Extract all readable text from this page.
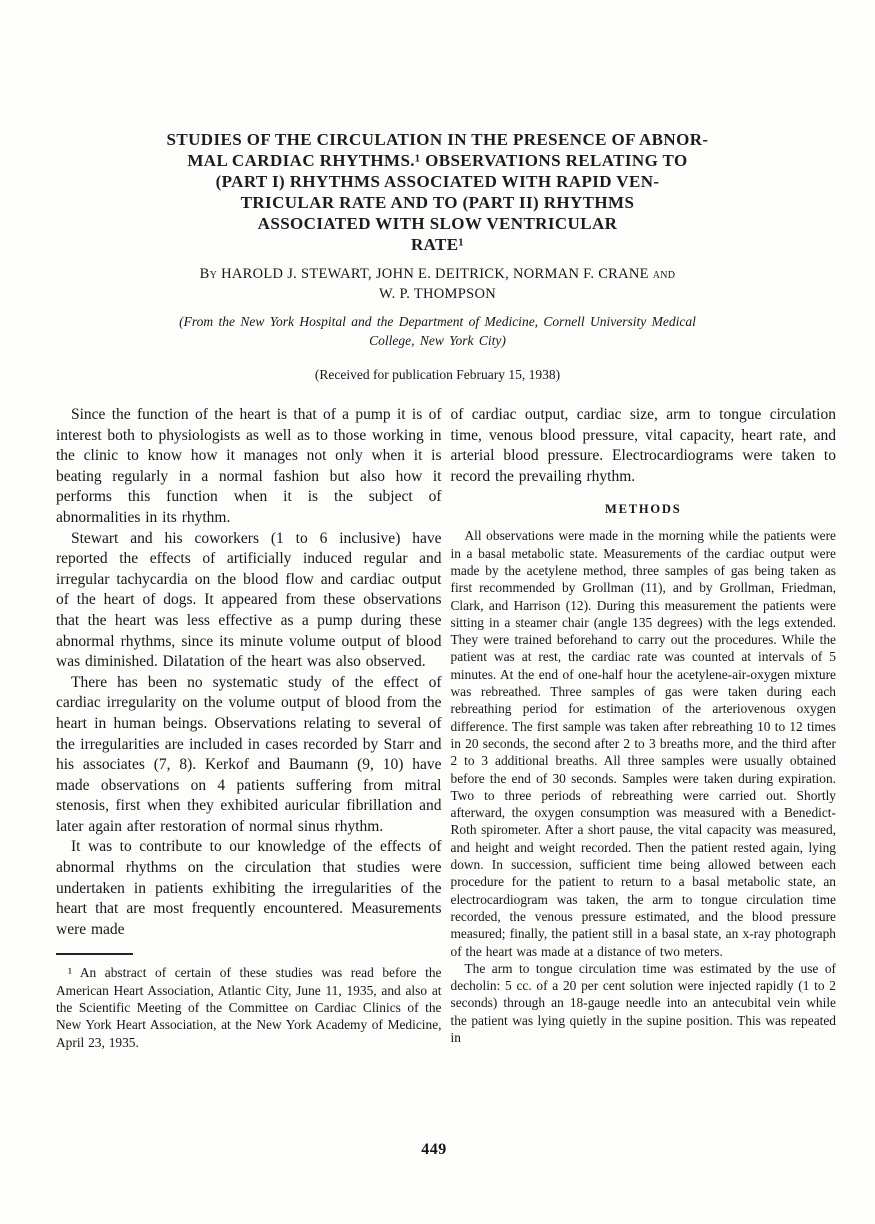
STUDIES OF THE CIRCULATION IN THE PRESENCE OF ABNOR-
MAL CARDIAC RHYTHMS.¹ OBSERVATIONS RELATING TO
(PART I) RHYTHMS ASSOCIATED WITH RAPID VEN-
TRICULAR RATE AND TO (PART II) RHYTHMS
ASSOCIATED WITH SLOW VENTRICULAR
RATE¹
By HAROLD J. STEWART, JOHN E. DEITRICK, NORMAN F. CRANE and
W. P. THOMPSON
(From the New York Hospital and the Department of Medicine, Cornell University Medical
College, New York City)
(Received for publication February 15, 1938)

Since the function of the heart is that of a pump it is of interest both to physiologists as well as to those working in the clinic to know how it manages not only when it is beating regularly in a normal fashion but also how it performs this function when it is the subject of abnormalities in its rhythm.

Stewart and his coworkers (1 to 6 inclusive) have reported the effects of artificially induced regular and irregular tachycardia on the blood flow and cardiac output of the heart of dogs. It appeared from these observations that the heart was less effective as a pump during these abnormal rhythms, since its minute volume output of blood was diminished. Dilatation of the heart was also observed.

There has been no systematic study of the effect of cardiac irregularity on the volume output of blood from the heart in human beings. Observations relating to several of the irregularities are included in cases recorded by Starr and his associates (7, 8). Kerkof and Baumann (9, 10) have made observations on 4 patients suffering from mitral stenosis, first when they exhibited auricular fibrillation and later again after restoration of normal sinus rhythm.

It was to contribute to our knowledge of the effects of abnormal rhythms on the circulation that studies were undertaken in patients exhibiting the irregularities of the heart that are most frequently encountered. Measurements were made

¹ An abstract of certain of these studies was read before the American Heart Association, Atlantic City, June 11, 1935, and also at the Scientific Meeting of the Committee on Cardiac Clinics of the New York Heart Association, at the New York Academy of Medicine, April 23, 1935.

of cardiac output, cardiac size, arm to tongue circulation time, venous blood pressure, vital capacity, heart rate, and arterial blood pressure. Electrocardiograms were taken to record the prevailing rhythm.

METHODS

All observations were made in the morning while the patients were in a basal metabolic state. Measurements of the cardiac output were made by the acetylene method, three samples of gas being taken as first recommended by Grollman (11), and by Grollman, Friedman, Clark, and Harrison (12). During this measurement the patients were sitting in a steamer chair (angle 135 degrees) with the legs extended. They were trained beforehand to carry out the procedures. While the patient was at rest, the cardiac rate was counted at intervals of 5 minutes. At the end of one-half hour the acetylene-air-oxygen mixture was rebreathed. Three samples of gas were taken during each rebreathing period for estimation of the arteriovenous oxygen difference. The first sample was taken after rebreathing 10 to 12 times in 20 seconds, the second after 2 to 3 breaths more, and the third after 2 to 3 additional breaths. All three samples were usually obtained before the end of 30 seconds. Samples were taken during expiration. Two to three periods of rebreathing were carried out. Shortly afterward, the oxygen consumption was measured with a Benedict-Roth spirometer. After a short pause, the vital capacity was measured, and height and weight recorded. Then the patient rested again, lying down. In succession, sufficient time being allowed between each procedure for the patient to return to a basal metabolic state, an electrocardiogram was taken, the arm to tongue circulation time recorded, the venous pressure estimated, and the blood pressure measured; finally, the patient still in a basal state, an x-ray photograph of the heart was made at a distance of two meters.

The arm to tongue circulation time was estimated by the use of decholin: 5 cc. of a 20 per cent solution were injected rapidly (1 to 2 seconds) through an 18-gauge needle into an antecubital vein while the patient was lying quietly in the supine position. This was repeated in

449
